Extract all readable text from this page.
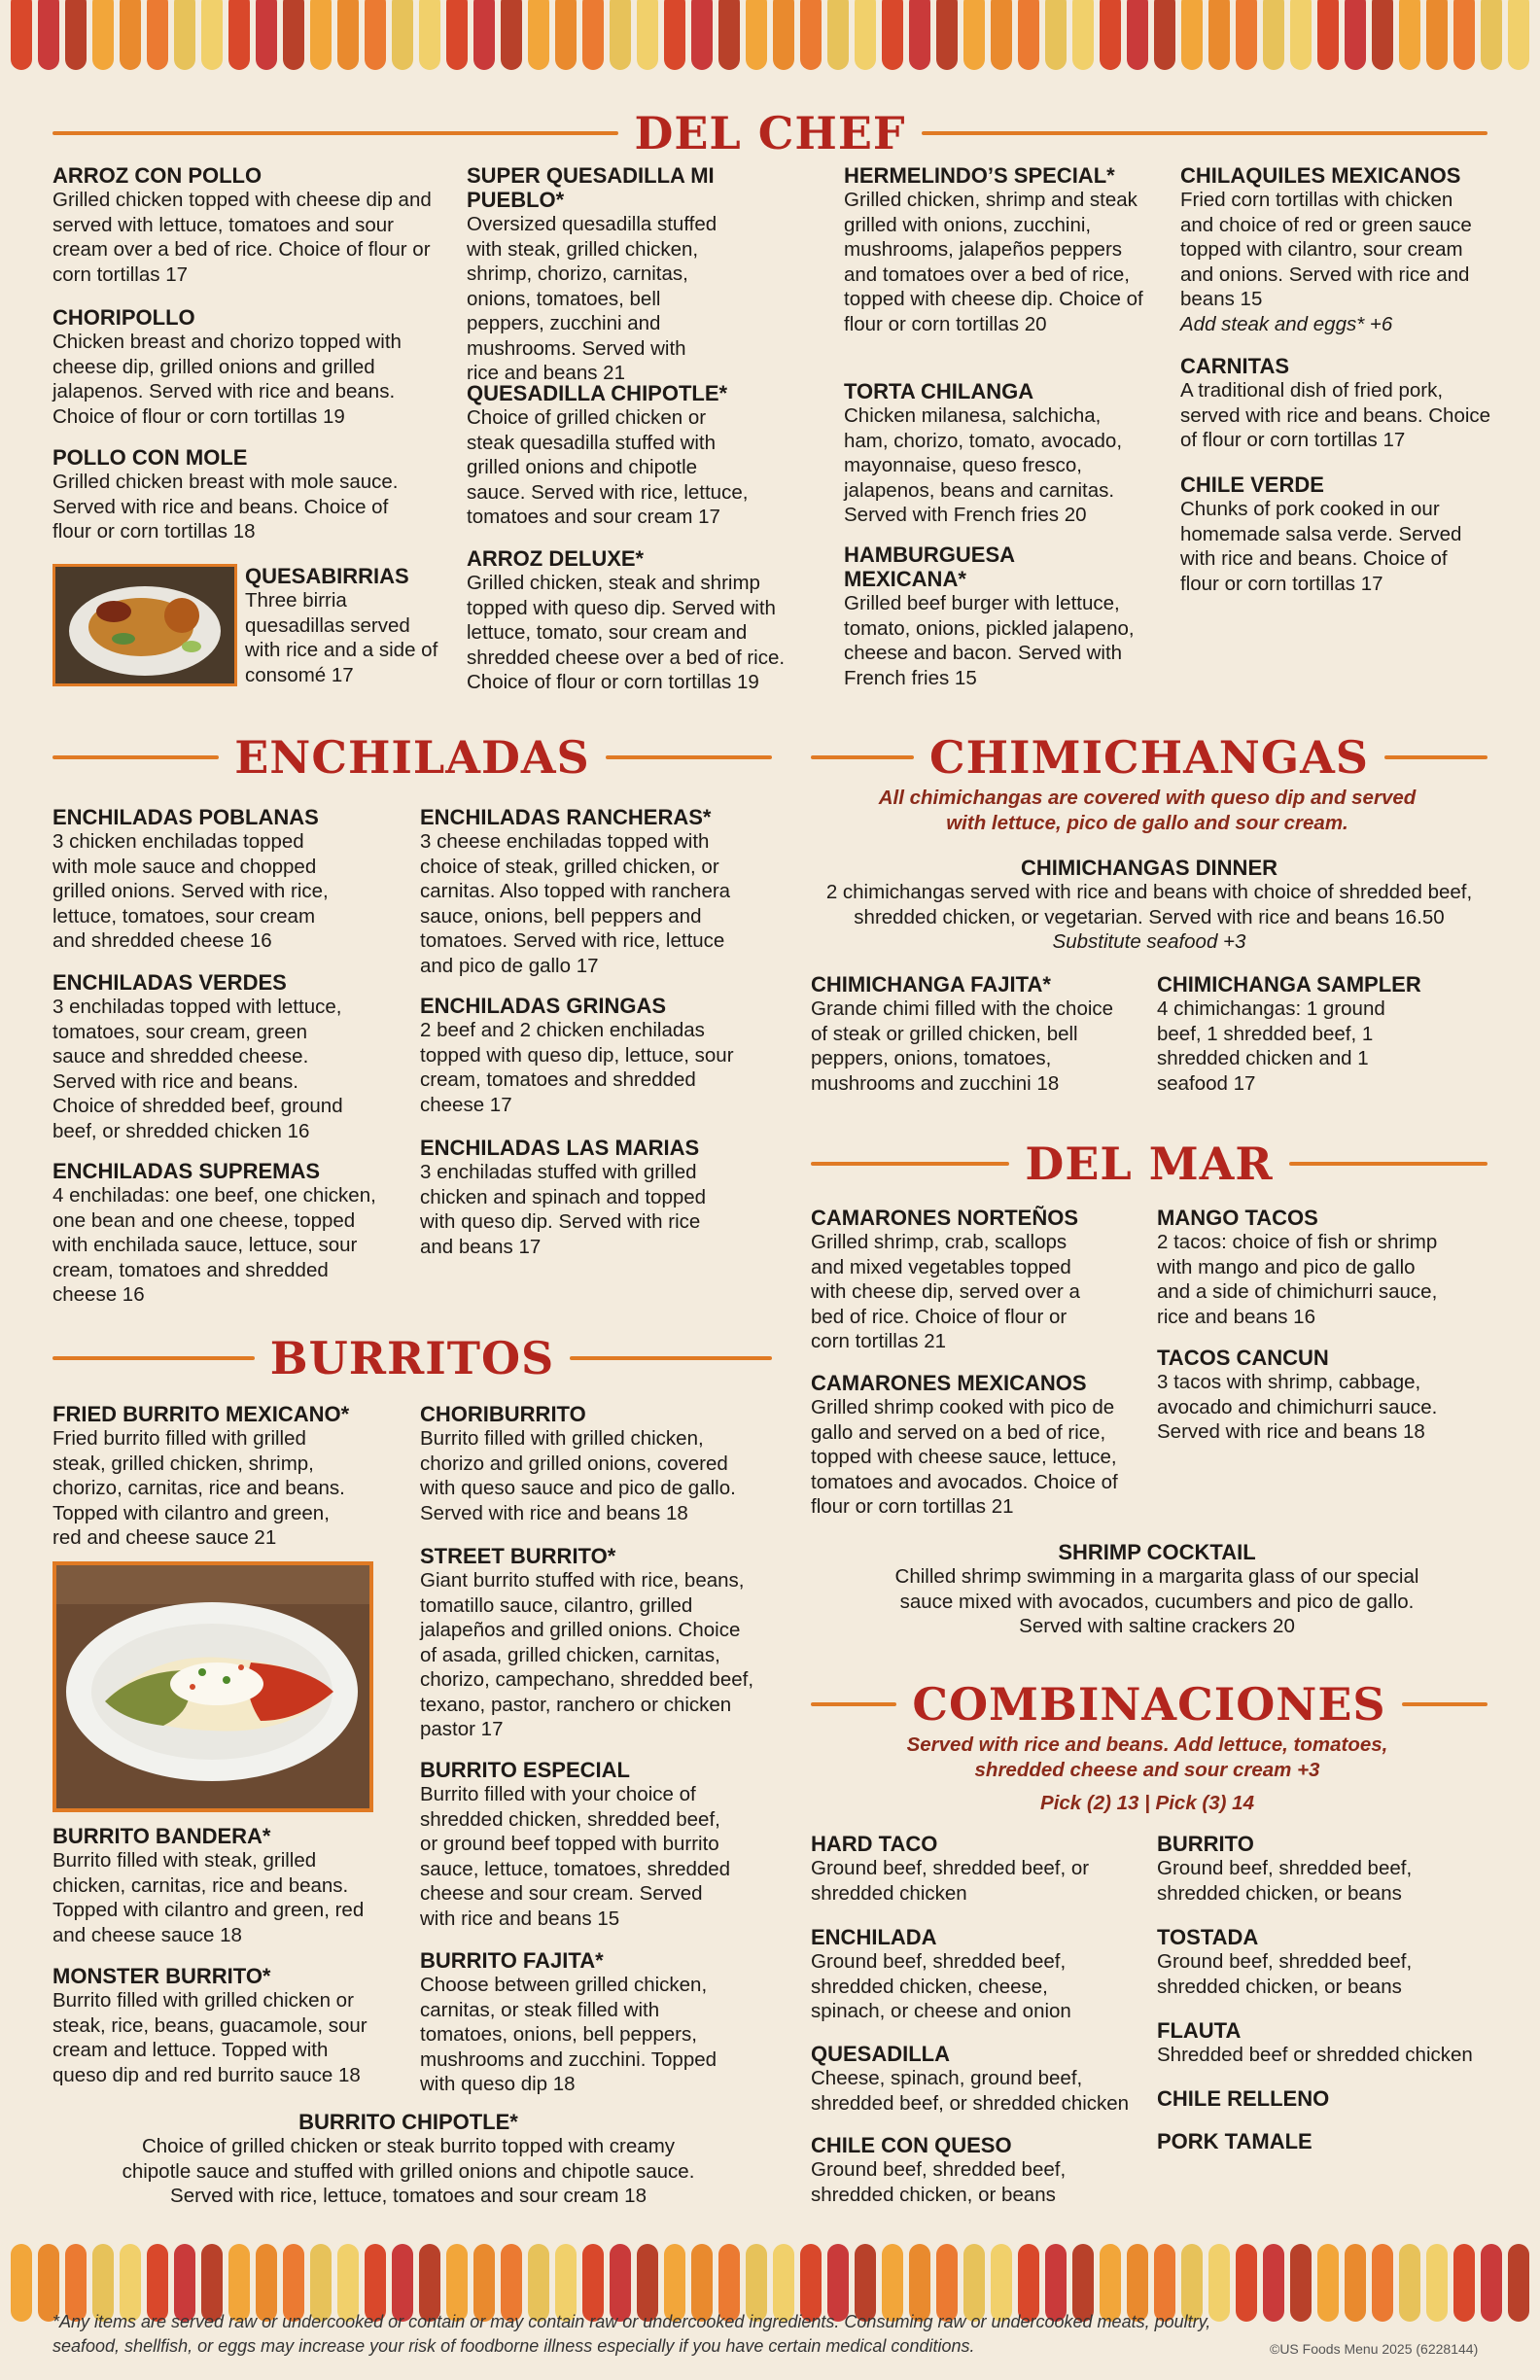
DEL CHEF
ARROZ CON POLLO
Grilled chicken topped with cheese dip and served with lettuce, tomatoes and sour cream over a bed of rice. Choice of flour or corn tortillas 17
CHORIPOLLO
Chicken breast and chorizo topped with cheese dip, grilled onions and grilled jalapenos. Served with rice and beans. Choice of flour or corn tortillas 19
POLLO CON MOLE
Grilled chicken breast with mole sauce. Served with rice and beans. Choice of flour or corn tortillas 18
QUESABIRRIAS
Three birria quesadillas served with rice and a side of consomé 17
SUPER QUESADILLA MI PUEBLO*
Oversized quesadilla stuffed with steak, grilled chicken, shrimp, chorizo, carnitas, onions, tomatoes, bell peppers, zucchini and mushrooms. Served with rice and beans 21
QUESADILLA CHIPOTLE*
Choice of grilled chicken or steak quesadilla stuffed with grilled onions and chipotle sauce. Served with rice, lettuce, tomatoes and sour cream 17
ARROZ DELUXE*
Grilled chicken, steak and shrimp topped with queso dip. Served with lettuce, tomato, sour cream and shredded cheese over a bed of rice. Choice of flour or corn tortillas 19
HERMELINDO’S SPECIAL*
Grilled chicken, shrimp and steak grilled with onions, zucchini, mushrooms, jalapeños peppers and tomatoes over a bed of rice, topped with cheese dip. Choice of flour or corn tortillas 20
TORTA CHILANGA
Chicken milanesa, salchicha, ham, chorizo, tomato, avocado, mayonnaise, queso fresco, jalapenos, beans and carnitas. Served with French fries 20
HAMBURGUESA MEXICANA*
Grilled beef burger with lettuce, tomato, onions, pickled jalapeno, cheese and bacon. Served with French fries 15
CHILAQUILES MEXICANOS
Fried corn tortillas with chicken and choice of red or green sauce topped with cilantro, sour cream and onions. Served with rice and beans 15
Add steak and eggs* +6
CARNITAS
A traditional dish of fried pork, served with rice and beans. Choice of flour or corn tortillas 17
CHILE VERDE
Chunks of pork cooked in our homemade salsa verde. Served with rice and beans. Choice of flour or corn tortillas 17
ENCHILADAS
ENCHILADAS POBLANAS
3 chicken enchiladas topped with mole sauce and chopped grilled onions. Served with rice, lettuce, tomatoes, sour cream and shredded cheese 16
ENCHILADAS VERDES
3 enchiladas topped with lettuce, tomatoes, sour cream, green sauce and shredded cheese. Served with rice and beans. Choice of shredded beef, ground beef, or shredded chicken 16
ENCHILADAS SUPREMAS
4 enchiladas: one beef, one chicken, one bean and one cheese, topped with enchilada sauce, lettuce, sour cream, tomatoes and shredded cheese 16
ENCHILADAS RANCHERAS*
3 cheese enchiladas topped with choice of steak, grilled chicken, or carnitas. Also topped with ranchera sauce, onions, bell peppers and tomatoes. Served with rice, lettuce and pico de gallo 17
ENCHILADAS GRINGAS
2 beef and 2 chicken enchiladas topped with queso dip, lettuce, sour cream, tomatoes and shredded cheese 17
ENCHILADAS LAS MARIAS
3 enchiladas stuffed with grilled chicken and spinach and topped with queso dip. Served with rice and beans 17
CHIMICHANGAS
All chimichangas are covered with queso dip and served with lettuce, pico de gallo and sour cream.
CHIMICHANGAS DINNER
2 chimichangas served with rice and beans with choice of shredded beef, shredded chicken, or vegetarian. Served with rice and beans 16.50
Substitute seafood +3
CHIMICHANGA FAJITA*
Grande chimi filled with the choice of steak or grilled chicken, bell peppers, onions, tomatoes, mushrooms and zucchini 18
CHIMICHANGA SAMPLER
4 chimichangas: 1 ground beef, 1 shredded beef, 1 shredded chicken and 1 seafood 17
DEL MAR
CAMARONES NORTEÑOS
Grilled shrimp, crab, scallops and mixed vegetables topped with cheese dip, served over a bed of rice. Choice of flour or corn tortillas 21
CAMARONES MEXICANOS
Grilled shrimp cooked with pico de gallo and served on a bed of rice, topped with cheese sauce, lettuce, tomatoes and avocados. Choice of flour or corn tortillas 21
MANGO TACOS
2 tacos: choice of fish or shrimp with mango and pico de gallo and a side of chimichurri sauce, rice and beans 16
TACOS CANCUN
3 tacos with shrimp, cabbage, avocado and chimichurri sauce. Served with rice and beans 18
SHRIMP COCKTAIL
Chilled shrimp swimming in a margarita glass of our special sauce mixed with avocados, cucumbers and pico de gallo. Served with saltine crackers 20
BURRITOS
FRIED BURRITO MEXICANO*
Fried burrito filled with grilled steak, grilled chicken, shrimp, chorizo, carnitas, rice and beans. Topped with cilantro and green, red and cheese sauce 21
BURRITO BANDERA*
Burrito filled with steak, grilled chicken, carnitas, rice and beans. Topped with cilantro and green, red and cheese sauce 18
MONSTER BURRITO*
Burrito filled with grilled chicken or steak, rice, beans, guacamole, sour cream and lettuce. Topped with queso dip and red burrito sauce 18
CHORIBURRITO
Burrito filled with grilled chicken, chorizo and grilled onions, covered with queso sauce and pico de gallo. Served with rice and beans 18
STREET BURRITO*
Giant burrito stuffed with rice, beans, tomatillo sauce, cilantro, grilled jalapeños and grilled onions. Choice of asada, grilled chicken, carnitas, chorizo, campechano, shredded beef, texano, pastor, ranchero or chicken pastor 17
BURRITO ESPECIAL
Burrito filled with your choice of shredded chicken, shredded beef, or ground beef topped with burrito sauce, lettuce, tomatoes, shredded cheese and sour cream. Served with rice and beans 15
BURRITO FAJITA*
Choose between grilled chicken, carnitas, or steak filled with tomatoes, onions, bell peppers, mushrooms and zucchini. Topped with queso dip 18
BURRITO CHIPOTLE*
Choice of grilled chicken or steak burrito topped with creamy chipotle sauce and stuffed with grilled onions and chipotle sauce. Served with rice, lettuce, tomatoes and sour cream 18
COMBINACIONES
Served with rice and beans. Add lettuce, tomatoes, shredded cheese and sour cream +3
Pick (2) 13 | Pick (3) 14
HARD TACO
Ground beef, shredded beef, or shredded chicken
ENCHILADA
Ground beef, shredded beef, shredded chicken, cheese, spinach, or cheese and onion
QUESADILLA
Cheese, spinach, ground beef, shredded beef, or shredded chicken
CHILE CON QUESO
Ground beef, shredded beef, shredded chicken, or beans
BURRITO
Ground beef, shredded beef, shredded chicken, or beans
TOSTADA
Ground beef, shredded beef, shredded chicken, or beans
FLAUTA
Shredded beef or shredded chicken
CHILE RELLENO
PORK TAMALE
*Any items are served raw or undercooked or contain or may contain raw or undercooked ingredients. Consuming raw or undercooked meats, poultry, seafood, shellfish, or eggs may increase your risk of foodborne illness especially if you have certain medical conditions.	©US Foods Menu 2025 (6228144)
